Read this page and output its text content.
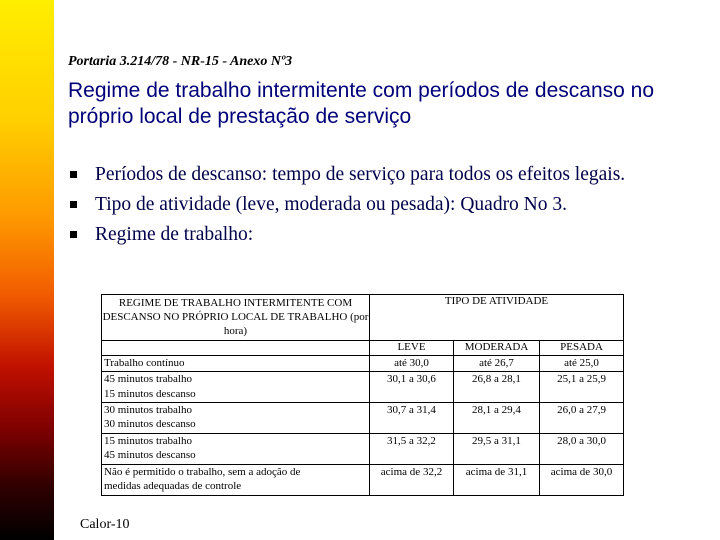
Portaria 3.214/78 - NR-15 - Anexo Nº3
Regime de trabalho intermitente com períodos de descanso no próprio local de prestação de serviço
Períodos de descanso: tempo de serviço para todos os efeitos legais.
Tipo de atividade (leve, moderada ou pesada): Quadro No 3.
Regime de trabalho:
REGIME DE TRABALHO INTERMITENTE COM DESCANSO NO PRÓPRIO LOCAL DE TRABALHO (por hora)	TIPO DE ATIVIDADE		
	LEVE	MODERADA	PESADA

Trabalho contínuo	até 30,0	até 26,7	até 25,0

45 minutos trabalho
15 minutos descanso	30,1 a 30,6	26,8 a 28,1	25,1 a 25,9

30 minutos trabalho
30 minutos descanso	30,7 a 31,4	28,1 a 29,4	26,0 a 27,9

15 minutos trabalho
45 minutos descanso	31,5 a 32,2	29,5 a 31,1	28,0 a 30,0

Não é permitido o trabalho, sem a adoção de
medidas adequadas de controle	acima de 32,2	acima de 31,1	acima de 30,0
Calor-10
